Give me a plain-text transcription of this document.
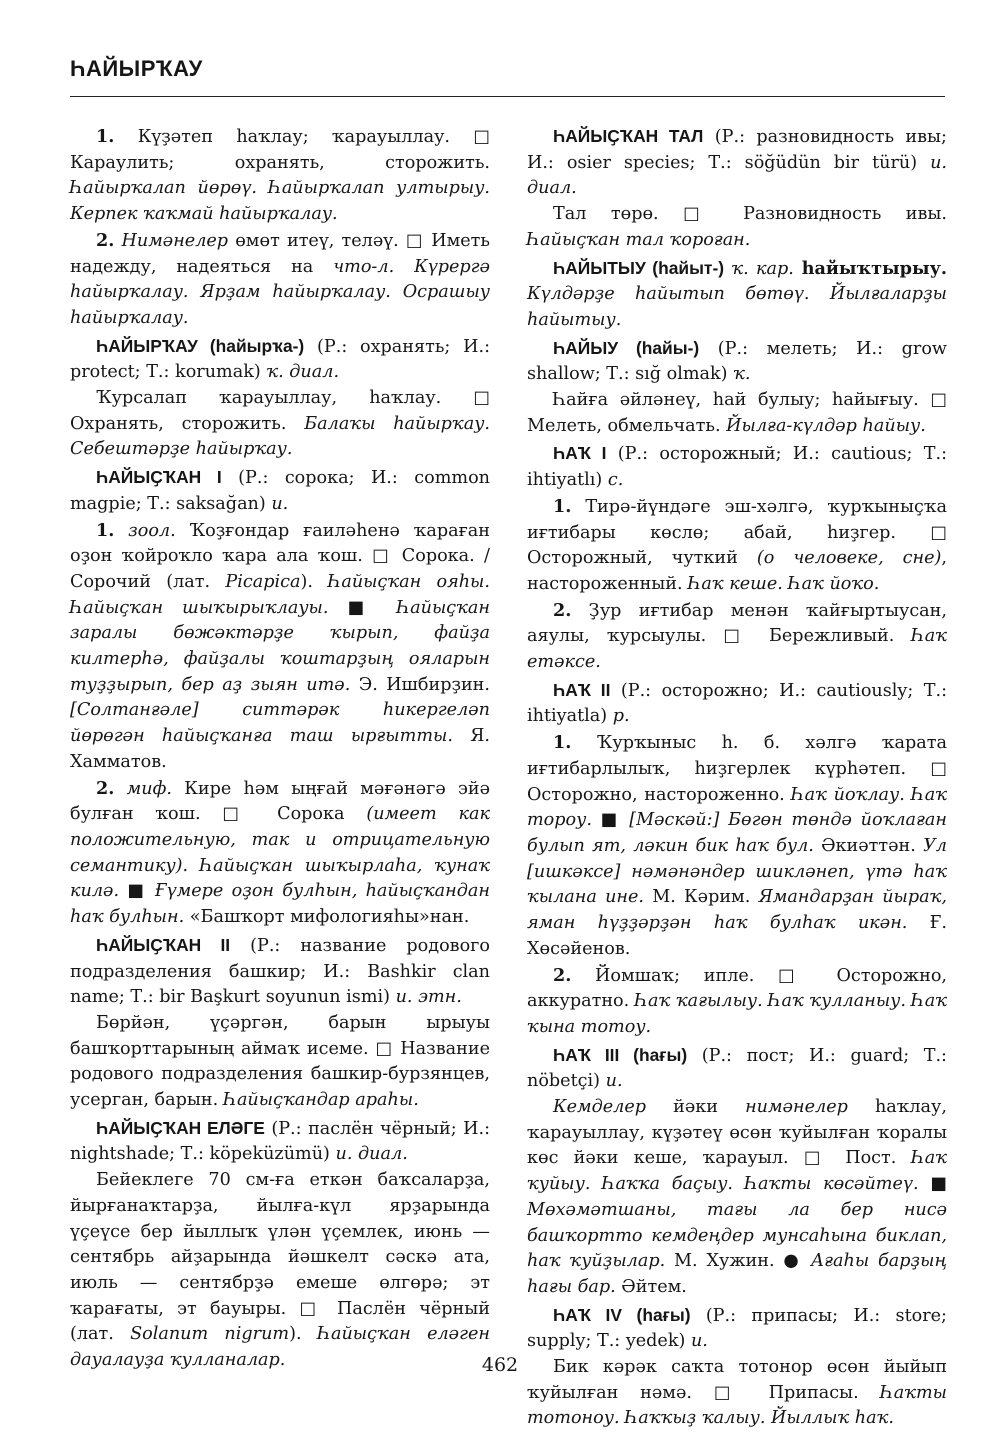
ҺАЙЫРҠАУ

1. Күҙәтеп һаҡлау; ҡарауыллау. □ Караулить; охранять, сторожить. Һайырҡалап йөрөү. Һайырҡалап ултырыу. Керпек ҡаҡмай һайырҡалау.

2. Нимәнелер өмөт итеү, теләү. □ Иметь надежду, надеяться на что-л. Күрергә һайырҡалау. Ярҙам һайырҡалау. Осрашыу һайырҡалау.

ҺАЙЫРҠАУ (һайырҡа-) (Р.: охранять; И.: protect; Т.: korumak) ҡ. диал.

Ҡурсалап ҡарауыллау, һаҡлау. □ Охранять, сторожить. Балаҡы һайырҡау. Себештәрҙе һайырҡау.

ҺАЙЫҪҠАН I (Р.: сорока; И.: common magpie; Т.: saksağan) и.

1. зоол. Ҡоҙғондар ғаиләһенә ҡараған оҙон ҡойроҡло ҡара ала ҡош. □ Сорока. / Сорочий (лат. Picapica). Һайыҫҡан ояһы. Һайыҫҡан шыҡырыҡлауы. ■ Һайыҫҡан заралы бөжәктәрҙе ҡырып, файҙа килтерһә, файҙалы ҡоштарҙың ояларын туҙҙырып, бер аҙ зыян итә. Э. Ишбирҙин. [Солтанғәле] ситтәрәк һикергеләп йөрөгән һайыҫҡанға таш ырғытты. Я. Хамматов.

2. миф. Кире һәм ыңғай мәғәнәгә эйә булған ҡош. □ Сорока (имеет как положительную, так и отрицательную семантику). Һайыҫҡан шыҡырлаһа, ҡунаҡ килә. ■ Ғүмере оҙон булһын, һайыҫҡандан һаҡ булһын. «Башҡорт мифологияһы»нан.

ҺАЙЫҪҠАН II (Р.: название родового подразделения башкир; И.: Bashkir clan name; Т.: bir Başkurt soyunun ismi) и. этн.

Бөрйән, үҫәргән, барын ырыуы башҡорттарының аймаҡ исеме. □ Название родового подразделения башкир-бурзянцев, усерган, барын. Һайыҫҡандар араһы.

ҺАЙЫҪҠАН ЕЛӘГЕ (Р.: паслён чёрный; И.: nightshade; Т.: köpeküzümü) и. диал.

Бейеклеге 70 см-ға еткән баҡсаларҙа, йырғанаҡтарҙа, йылға-күл ярҙарында үҫеүсе бер йыллыҡ үлән үҫемлек, июнь — сентябрь айҙарында йәшкелт сәскә ата, июль — сентябрҙә емеше өлгөрә; эт ҡарағаты, эт бауыры. □ Паслён чёрный (лат. Solanum nigrum). Һайыҫҡан еләген дауалауҙа ҡулланалар.

ҺАЙЫҪҠАН ТАЛ (Р.: разновидность ивы; И.: osier species; Т.: söğüdün bir türü) и. диал.

Тал төрө. □ Разновидность ивы. Һайыҫҡан тал ҡороған.

ҺАЙЫТЫУ (һайыт-) ҡ. кар. һайыҡтырыу. Күлдәрҙе һайытып бөтөү. Йылғаларҙы һайытыу.

ҺАЙЫУ (һайы-) (Р.: мелеть; И.: grow shallow; Т.: sığ olmak) ҡ.

Һайға әйләнеү, һай булыу; һайығыу. □ Мелеть, обмельчать. Йылға-күлдәр һайыу.

ҺАҠ I (Р.: осторожный; И.: cautious; Т.: ihtiyatlı) с.

1. Тирә-йүндәге эш-хәлгә, ҡурҡыныҫҡа иғтибары көслө; абай, һиҙгер. □ Осторожный, чуткий (о человеке, сне), настороженный. Һаҡ кеше. Һаҡ йоҡо.

2. Ҙур иғтибар менән ҡайғыртыусан, аяулы, ҡурсыулы. □ Бережливый. Һаҡ етәксе.

ҺАҠ II (Р.: осторожно; И.: cautiously; Т.: ihtiyatla) р.

1. Ҡурҡыныс һ. б. хәлгә ҡарата иғтибарлылыҡ, һиҙгерлек күрһәтеп. □ Осторожно, настороженно. Һаҡ йоҡлау. Һаҡ тороу. ■ [Мәскәй:] Бөгөн төндә йоҡлаған булып ят, ләкин бик һаҡ бул. Әкиәттән. Ул [ишкәксе] нәмәнәндер шикләнеп, үтә һаҡ ҡылана ине. М. Кәрим. Ямандарҙан йыраҡ, яман һүҙҙәрҙән һаҡ булһаҡ икән. Ғ. Хөсәйенов.

2. Йомшаҡ; ипле. □ Осторожно, аккуратно. Һаҡ ҡағылыу. Һаҡ ҡулланыу. Һаҡ ҡына тотоу.

ҺАҠ III (һағы) (Р.: пост; И.: guard; Т.: nöbetçi) и.

Кемделер йәки нимәнелер һаҡлау, ҡарауыллау, күҙәтеү өсөн ҡуйылған ҡоралы көс йәки кеше, ҡарауыл. □ Пост. Һаҡ ҡуйыу. Һаҡҡа баҫыу. Һаҡты көсәйтеү. ■ Мөхәмәтшаны, тағы ла бер нисә башҡортто кемдеңдер мунсаһына биклап, һаҡ ҡуйҙылар. М. Хужин. ● Ағаһы барҙың һағы бар. Әйтем.

ҺАҠ IV (һағы) (Р.: припасы; И.: store; supply; Т.: yedek) и.

Бик кәрәк саҡта тотонор өсөн йыйып ҡуйылған нәмә. □ Припасы. Һаҡты тотоноу. Һаҡҡыҙ ҡалыу. Йыллыҡ һаҡ.

462
